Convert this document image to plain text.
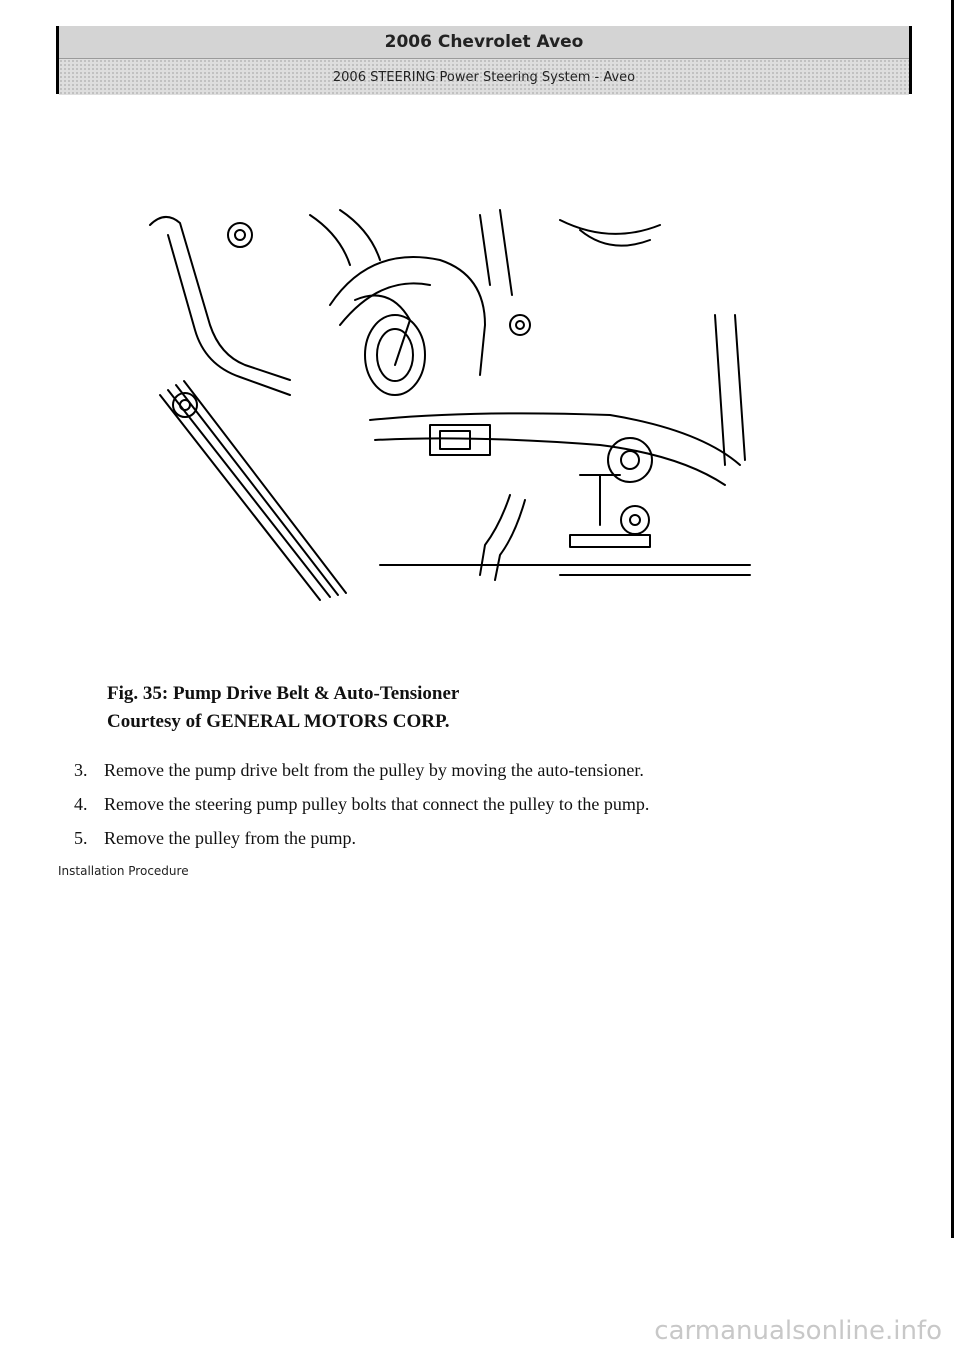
2006 Chevrolet Aveo
2006 STEERING Power Steering System - Aveo
Fig. 35: Pump Drive Belt & Auto-Tensioner
Courtesy of GENERAL MOTORS CORP.
3. Remove the pump drive belt from the pulley by moving the auto-tensioner.
4. Remove the steering pump pulley bolts that connect the pulley to the pump.
5. Remove the pulley from the pump.
Installation Procedure
carmanualsonline.info
